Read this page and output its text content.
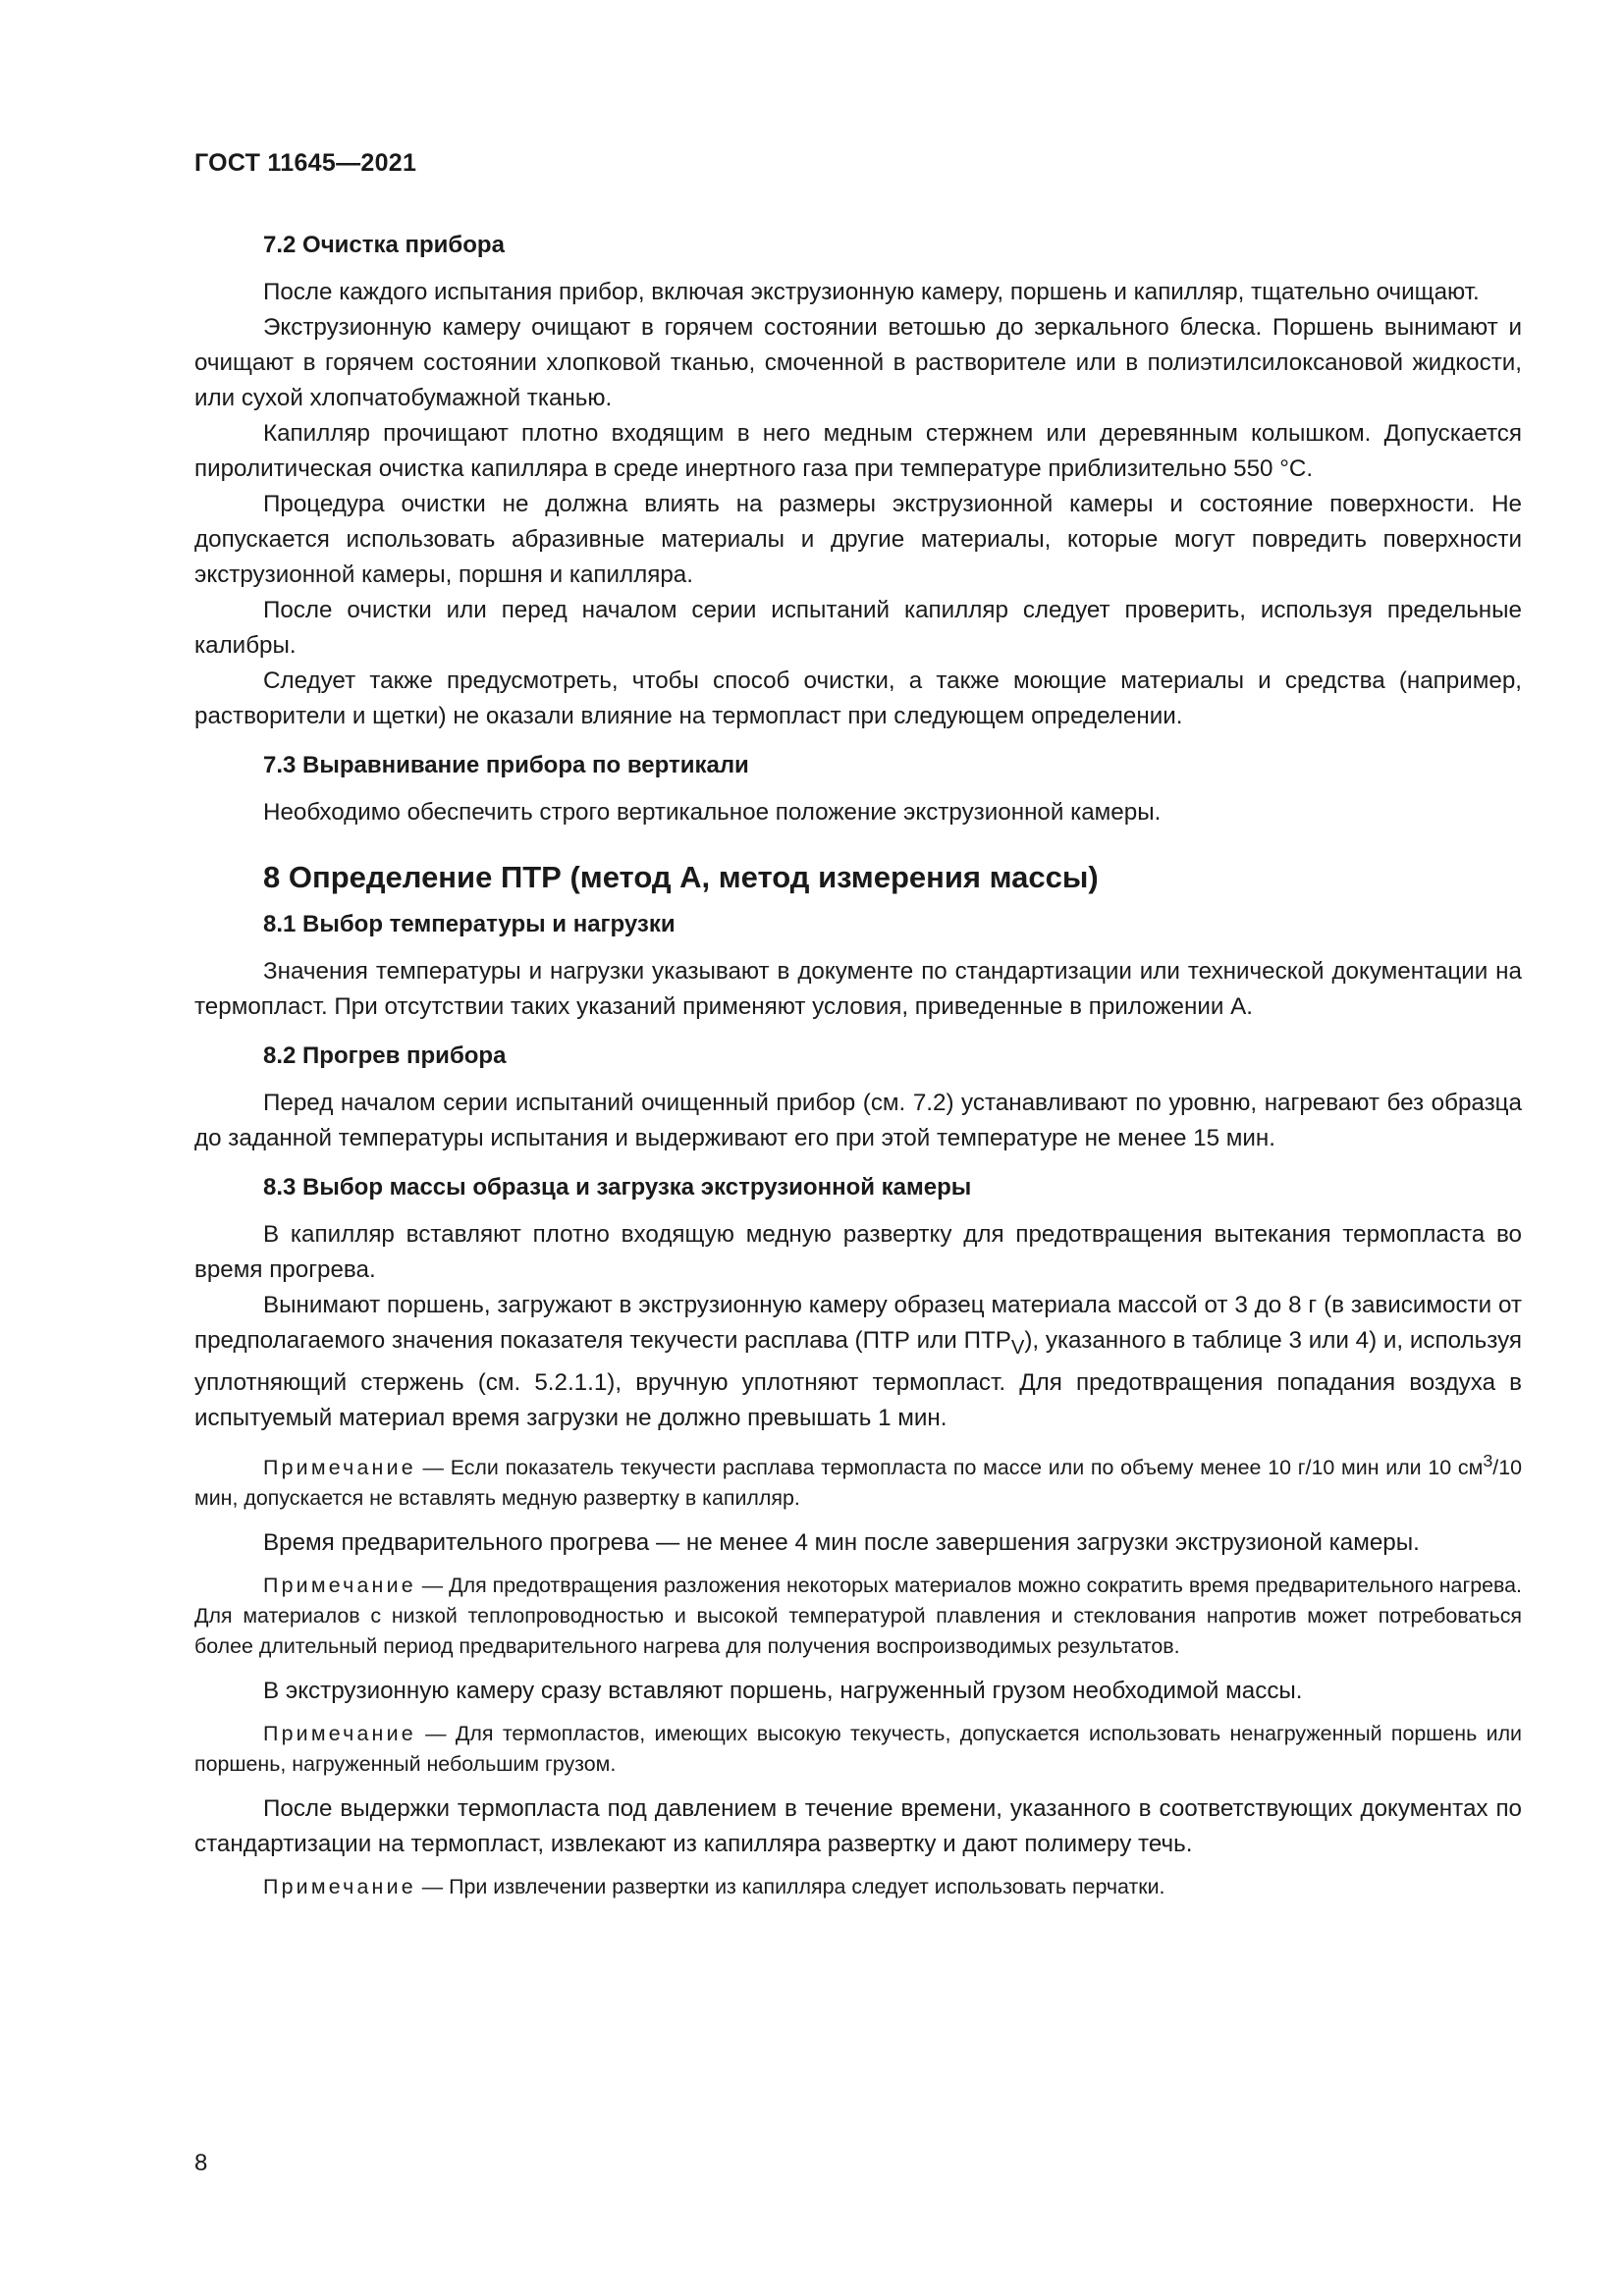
ГОСТ 11645—2021
7.2 Очистка прибора

После каждого испытания прибор, включая экструзионную камеру, поршень и капилляр, тщательно очищают.

Экструзионную камеру очищают в горячем состоянии ветошью до зеркального блеска. Поршень вынимают и очищают в горячем состоянии хлопковой тканью, смоченной в растворителе или в полиэтилсилоксановой жидкости, или сухой хлопчатобумажной тканью.

Капилляр прочищают плотно входящим в него медным стержнем или деревянным колышком. Допускается пиролитическая очистка капилляра в среде инертного газа при температуре приблизительно 550 °С.

Процедура очистки не должна влиять на размеры экструзионной камеры и состояние поверхности. Не допускается использовать абразивные материалы и другие материалы, которые могут повредить поверхности экструзионной камеры, поршня и капилляра.

После очистки или перед началом серии испытаний капилляр следует проверить, используя предельные калибры.

Следует также предусмотреть, чтобы способ очистки, а также моющие материалы и средства (например, растворители и щетки) не оказали влияние на термопласт при следующем определении.

7.3 Выравнивание прибора по вертикали

Необходимо обеспечить строго вертикальное положение экструзионной камеры.

8 Определение ПТР (метод А, метод измерения массы)
8.1 Выбор температуры и нагрузки

Значения температуры и нагрузки указывают в документе по стандартизации или технической документации на термопласт. При отсутствии таких указаний применяют условия, приведенные в приложении А.

8.2 Прогрев прибора

Перед началом серии испытаний очищенный прибор (см. 7.2) устанавливают по уровню, нагревают без образца до заданной температуры испытания и выдерживают его при этой температуре не менее 15 мин.

8.3 Выбор массы образца и загрузка экструзионной камеры

В капилляр вставляют плотно входящую медную развертку для предотвращения вытекания термопласта во время прогрева.

Вынимают поршень, загружают в экструзионную камеру образец материала массой от 3 до 8 г (в зависимости от предполагаемого значения показателя текучести расплава (ПТР или $ПТР_V$), указанного в таблице 3 или 4) и, используя уплотняющий стержень (см. 5.2.1.1), вручную уплотняют термопласт. Для предотвращения попадания воздуха в испытуемый материал время загрузки не должно превышать 1 мин.

Примечание — Если показатель текучести расплава термопласта по массе или по объему менее 10 г/10 мин или 10 $см^3/10$ мин, допускается не вставлять медную развертку в капилляр.

Время предварительного прогрева — не менее 4 мин после завершения загрузки экструзионой камеры.

Примечание — Для предотвращения разложения некоторых материалов можно сократить время предварительного нагрева. Для материалов с низкой теплопроводностью и высокой температурой плавления и стеклования напротив может потребоваться более длительный период предварительного нагрева для получения воспроизводимых результатов.

В экструзионную камеру сразу вставляют поршень, нагруженный грузом необходимой массы.

Примечание — Для термопластов, имеющих высокую текучесть, допускается использовать ненагруженный поршень или поршень, нагруженный небольшим грузом.

После выдержки термопласта под давлением в течение времени, указанного в соответствующих документах по стандартизации на термопласт, извлекают из капилляра развертку и дают полимеру течь.

Примечание — При извлечении развертки из капилляра следует использовать перчатки.

8
